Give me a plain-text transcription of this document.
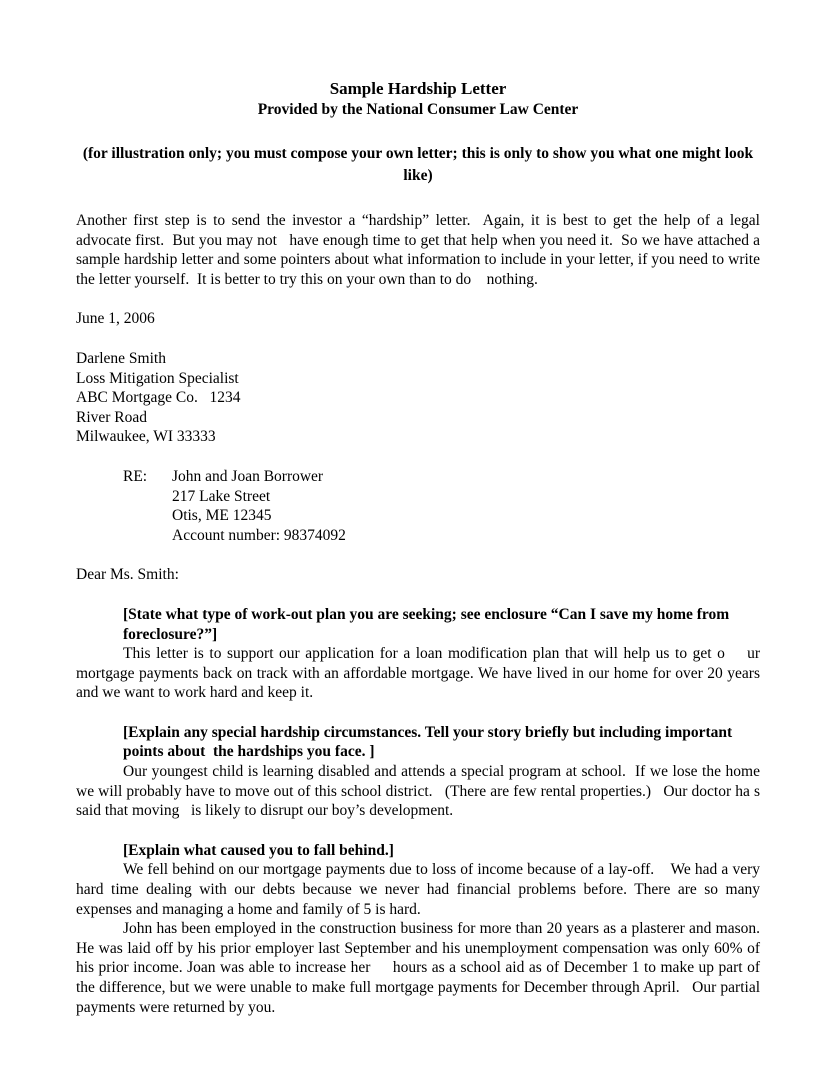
Sample Hardship Letter
Provided by the National Consumer Law Center
(for illustration only; you must compose your own letter; this is only to show you what one might look like)

Another first step is to send the investor a “hardship” letter.  Again, it is best to get the help of a legal advocate first.  But you may not   have enough time to get that help when you need it.  So we have attached a sample hardship letter and some pointers about what information to include in your letter, if you need to write the letter yourself.  It is better to try this on your own than to do    nothing.

June 1, 2006
Darlene Smith
Loss Mitigation Specialist
ABC Mortgage Co.   1234
River Road
Milwaukee, WI 33333
RE:	John and Joan Borrower
217 Lake Street
Otis, ME 12345
Account number: 98374092
Dear Ms. Smith:
[State what type of work-out plan you are seeking; see enclosure “Can I save my home from foreclosure?”]

This letter is to support our application for a loan modification plan that will help us to get o    ur mortgage payments back on track with an affordable mortgage. We have lived in our home for over 20 years and we want to work hard and keep it.

[Explain any special hardship circumstances. Tell your story briefly but including important points about  the hardships you face. ]

Our youngest child is learning disabled and attends a special program at school.  If we lose the home we will probably have to move out of this school district.   (There are few rental properties.)   Our doctor ha s said that moving   is likely to disrupt our boy’s development.

[Explain what caused you to fall behind.]

We fell behind on our mortgage payments due to loss of income because of a lay-off.    We had a very hard time dealing with our debts because we never had financial problems before. There are so many expenses and managing a home and family of 5 is hard.

John has been employed in the construction business for more than 20 years as a plasterer and mason.   He was laid off by his prior employer last September and his unemployment compensation was only 60% of his prior income. Joan was able to increase her     hours as a school aid as of December 1 to make up part of the difference, but we were unable to make full mortgage payments for December through April.   Our partial payments were returned by you.
